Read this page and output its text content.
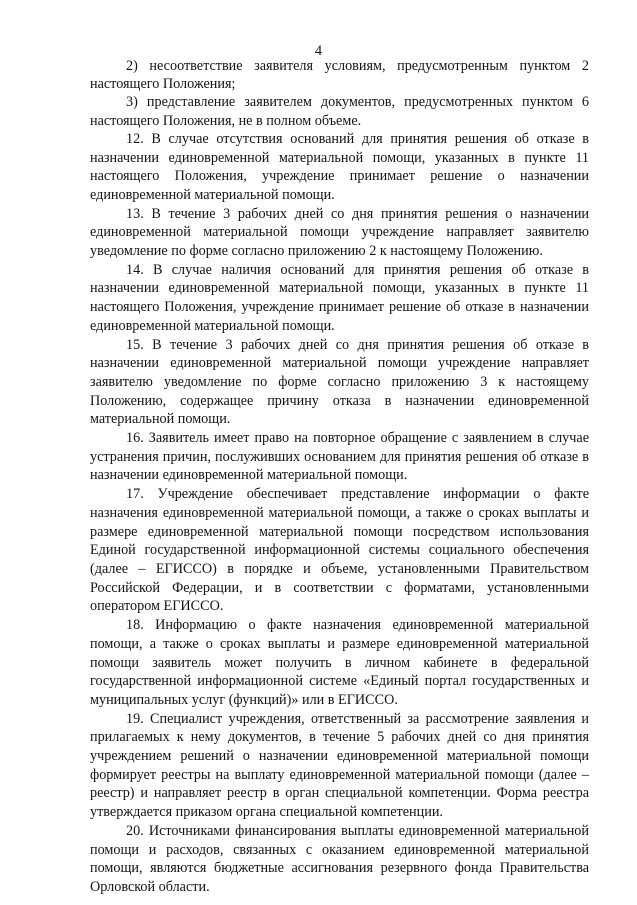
4

2) несоответствие заявителя условиям, предусмотренным пунктом 2 настоящего Положения;

3) представление заявителем документов, предусмотренных пунктом 6 настоящего Положения, не в полном объеме.

12. В случае отсутствия оснований для принятия решения об отказе в назначении единовременной материальной помощи, указанных в пункте 11 настоящего Положения, учреждение принимает решение о назначении единовременной материальной помощи.

13. В течение 3 рабочих дней со дня принятия решения о назначении единовременной материальной помощи учреждение направляет заявителю уведомление по форме согласно приложению 2 к настоящему Положению.

14. В случае наличия оснований для принятия решения об отказе в назначении единовременной материальной помощи, указанных в пункте 11 настоящего Положения, учреждение принимает решение об отказе в назначении единовременной материальной помощи.

15. В течение 3 рабочих дней со дня принятия решения об отказе в назначении единовременной материальной помощи учреждение направляет заявителю уведомление по форме согласно приложению 3 к настоящему Положению, содержащее причину отказа в назначении единовременной материальной помощи.

16. Заявитель имеет право на повторное обращение с заявлением в случае устранения причин, послуживших основанием для принятия решения об отказе в назначении единовременной материальной помощи.

17. Учреждение обеспечивает представление информации о факте назначения единовременной материальной помощи, а также о сроках выплаты и размере единовременной материальной помощи посредством использования Единой государственной информационной системы социального обеспечения (далее – ЕГИССО) в порядке и объеме, установленными Правительством Российской Федерации, и в соответствии с форматами, установленными оператором ЕГИССО.

18. Информацию о факте назначения единовременной материальной помощи, а также о сроках выплаты и размере единовременной материальной помощи заявитель может получить в личном кабинете в федеральной государственной информационной системе «Единый портал государственных и муниципальных услуг (функций)» или в ЕГИССО.

19. Специалист учреждения, ответственный за рассмотрение заявления и прилагаемых к нему документов, в течение 5 рабочих дней со дня принятия учреждением решений о назначении единовременной материальной помощи формирует реестры на выплату единовременной материальной помощи (далее – реестр) и направляет реестр в орган специальной компетенции. Форма реестра утверждается приказом органа специальной компетенции.

20. Источниками финансирования выплаты единовременной материальной помощи и расходов, связанных с оказанием единовременной материальной помощи, являются бюджетные ассигнования резервного фонда Правительства Орловской области.
